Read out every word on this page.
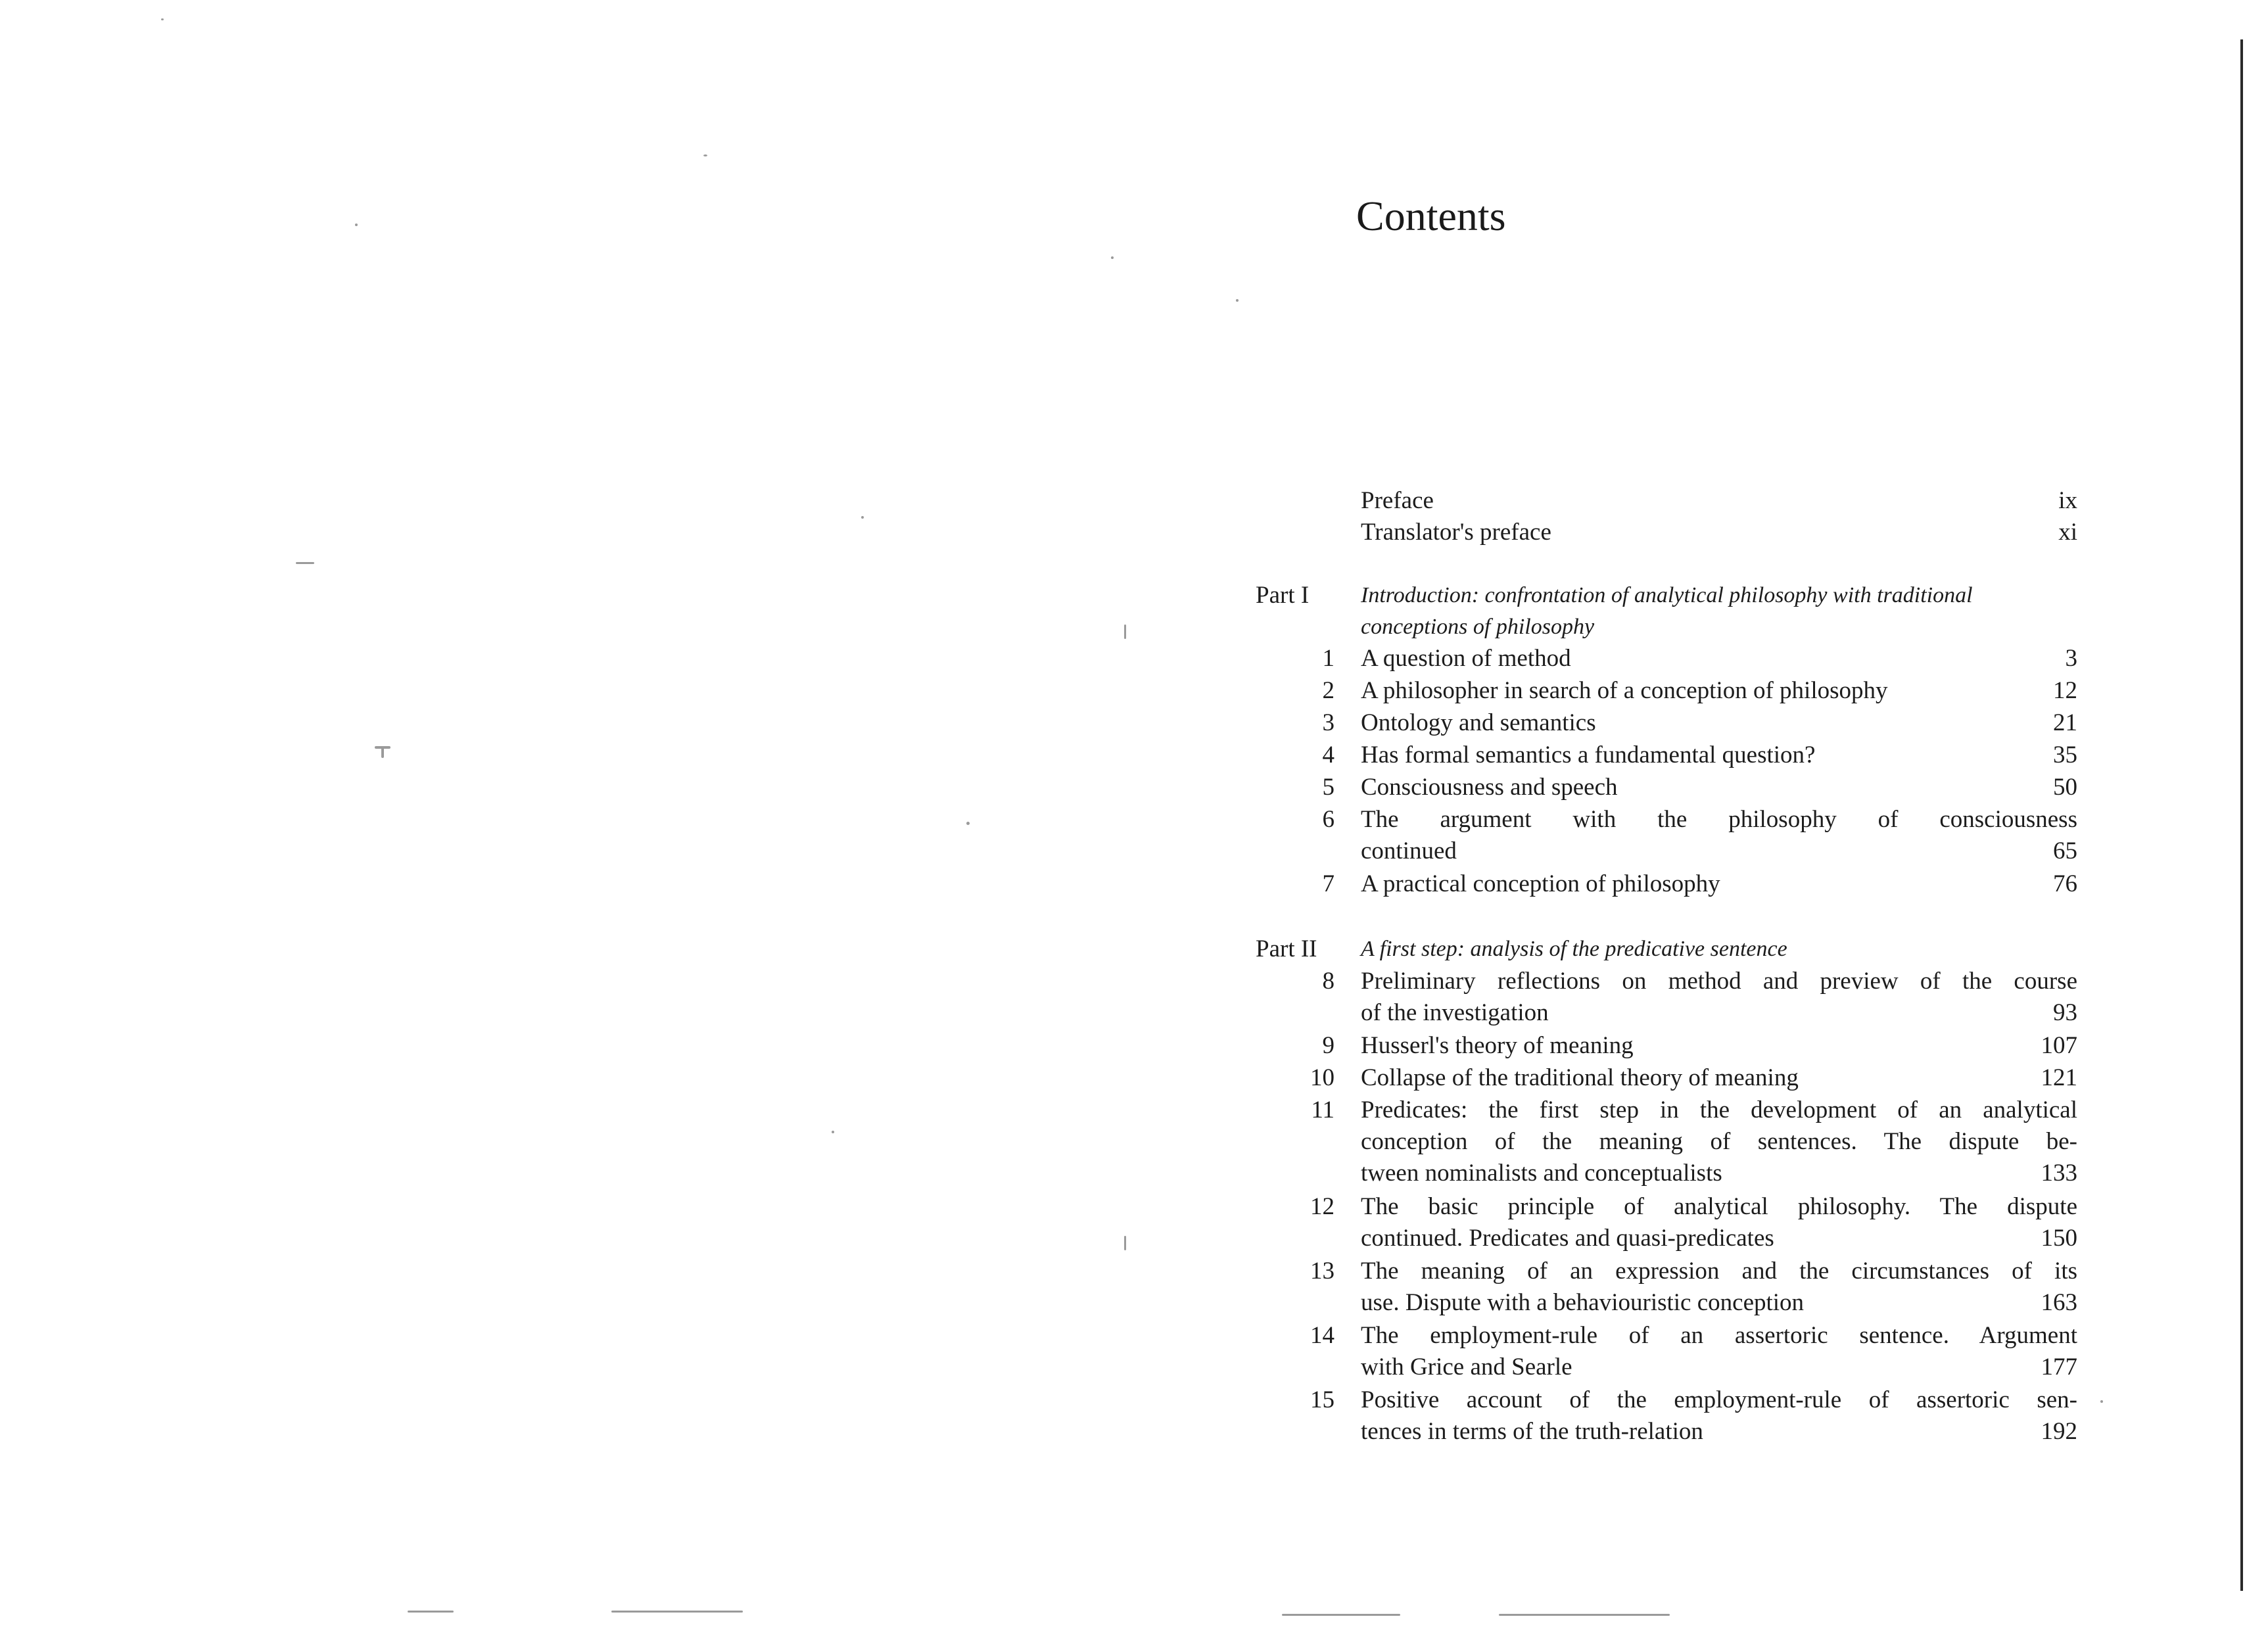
Contents
Preface	ix
Translator's preface	xi
Part I Introduction: confrontation of analytical philosophy with traditional
conceptions of philosophy
1 A question of method	3
2 A philosopher in search of a conception of philosophy	12
3 Ontology and semantics	21
4 Has formal semantics a fundamental question?	35
5 Consciousness and speech	50
6 The argument with the philosophy of consciousness
continued	65
7 A practical conception of philosophy	76
Part II A first step: analysis of the predicative sentence
8 Preliminary reflections on method and preview of the course
of the investigation	93
9 Husserl's theory of meaning	107
10 Collapse of the traditional theory of meaning	121
11 Predicates: the first step in the development of an analytical
conception of the meaning of sentences. The dispute be-
tween nominalists and conceptualists	133
12 The basic principle of analytical philosophy. The dispute
continued. Predicates and quasi-predicates	150
13 The meaning of an expression and the circumstances of its
use. Dispute with a behaviouristic conception	163
14 The employment-rule of an assertoric sentence. Argument
with Grice and Searle	177
15 Positive account of the employment-rule of assertoric sen-
tences in terms of the truth-relation	192
